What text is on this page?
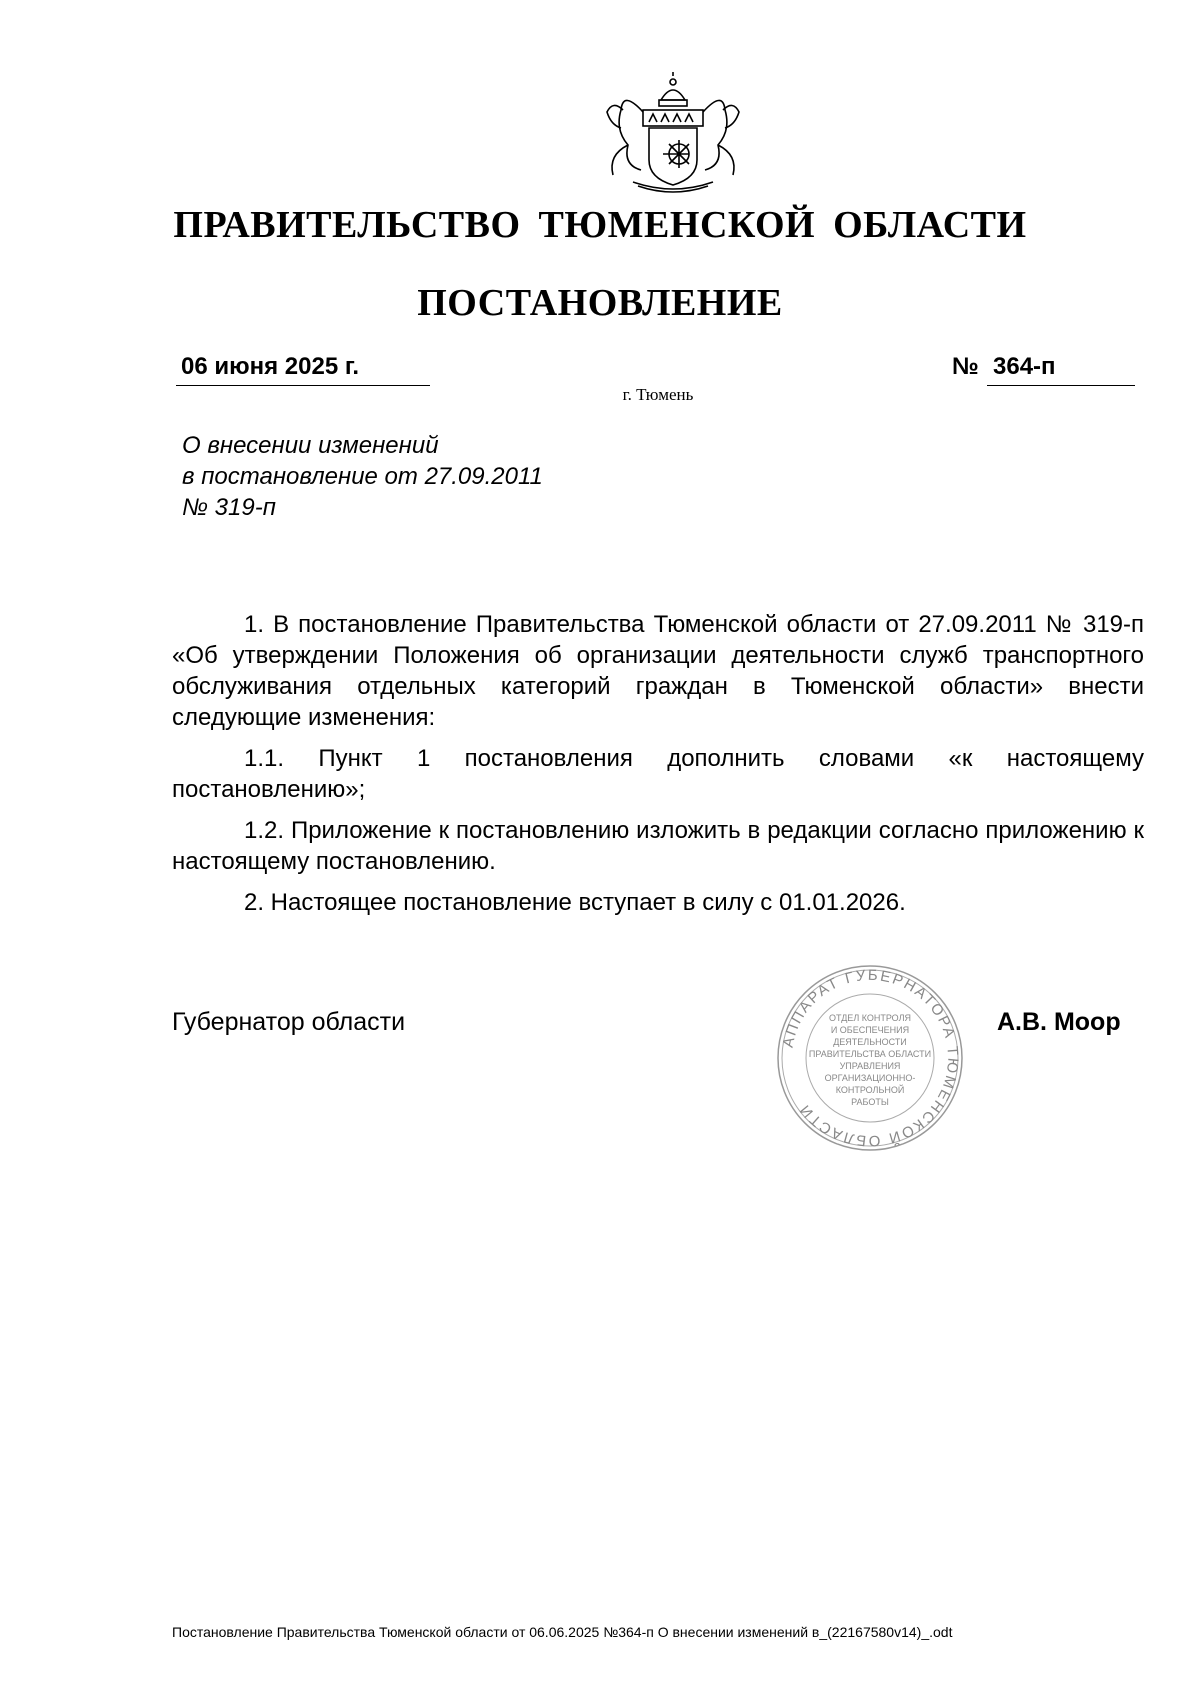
ПРАВИТЕЛЬСТВО ТЮМЕНСКОЙ ОБЛАСТИ
ПОСТАНОВЛЕНИЕ
06 июня 2025 г.	№ 364-п
г. Тюмень
О внесении изменений
в постановление от 27.09.2011
№ 319-п

1. В постановление Правительства Тюменской области от 27.09.2011 № 319-п «Об утверждении Положения об организации деятельности служб транспортного обслуживания отдельных категорий граждан в Тюменской области» внести следующие изменения:

1.1. Пункт 1 постановления дополнить словами «к настоящему постановлению»;

1.2. Приложение к постановлению изложить в редакции согласно приложению к настоящему постановлению.

2. Настоящее постановление вступает в силу с 01.01.2026.

Губернатор области
АППАРАТ ГУБЕРНАТОРА ТЮМЕНСКОЙ ОБЛАСТИ
ОТДЕЛ КОНТРОЛЯ
И ОБЕСПЕЧЕНИЯ
ДЕЯТЕЛЬНОСТИ
ПРАВИТЕЛЬСТВА ОБЛАСТИ
УПРАВЛЕНИЯ
ОРГАНИЗАЦИОННО-
КОНТРОЛЬНОЙ
РАБОТЫ
А.В. Моор
Постановление Правительства Тюменской области от 06.06.2025 №364-п О внесении изменений в_(22167580v14)_.odt
